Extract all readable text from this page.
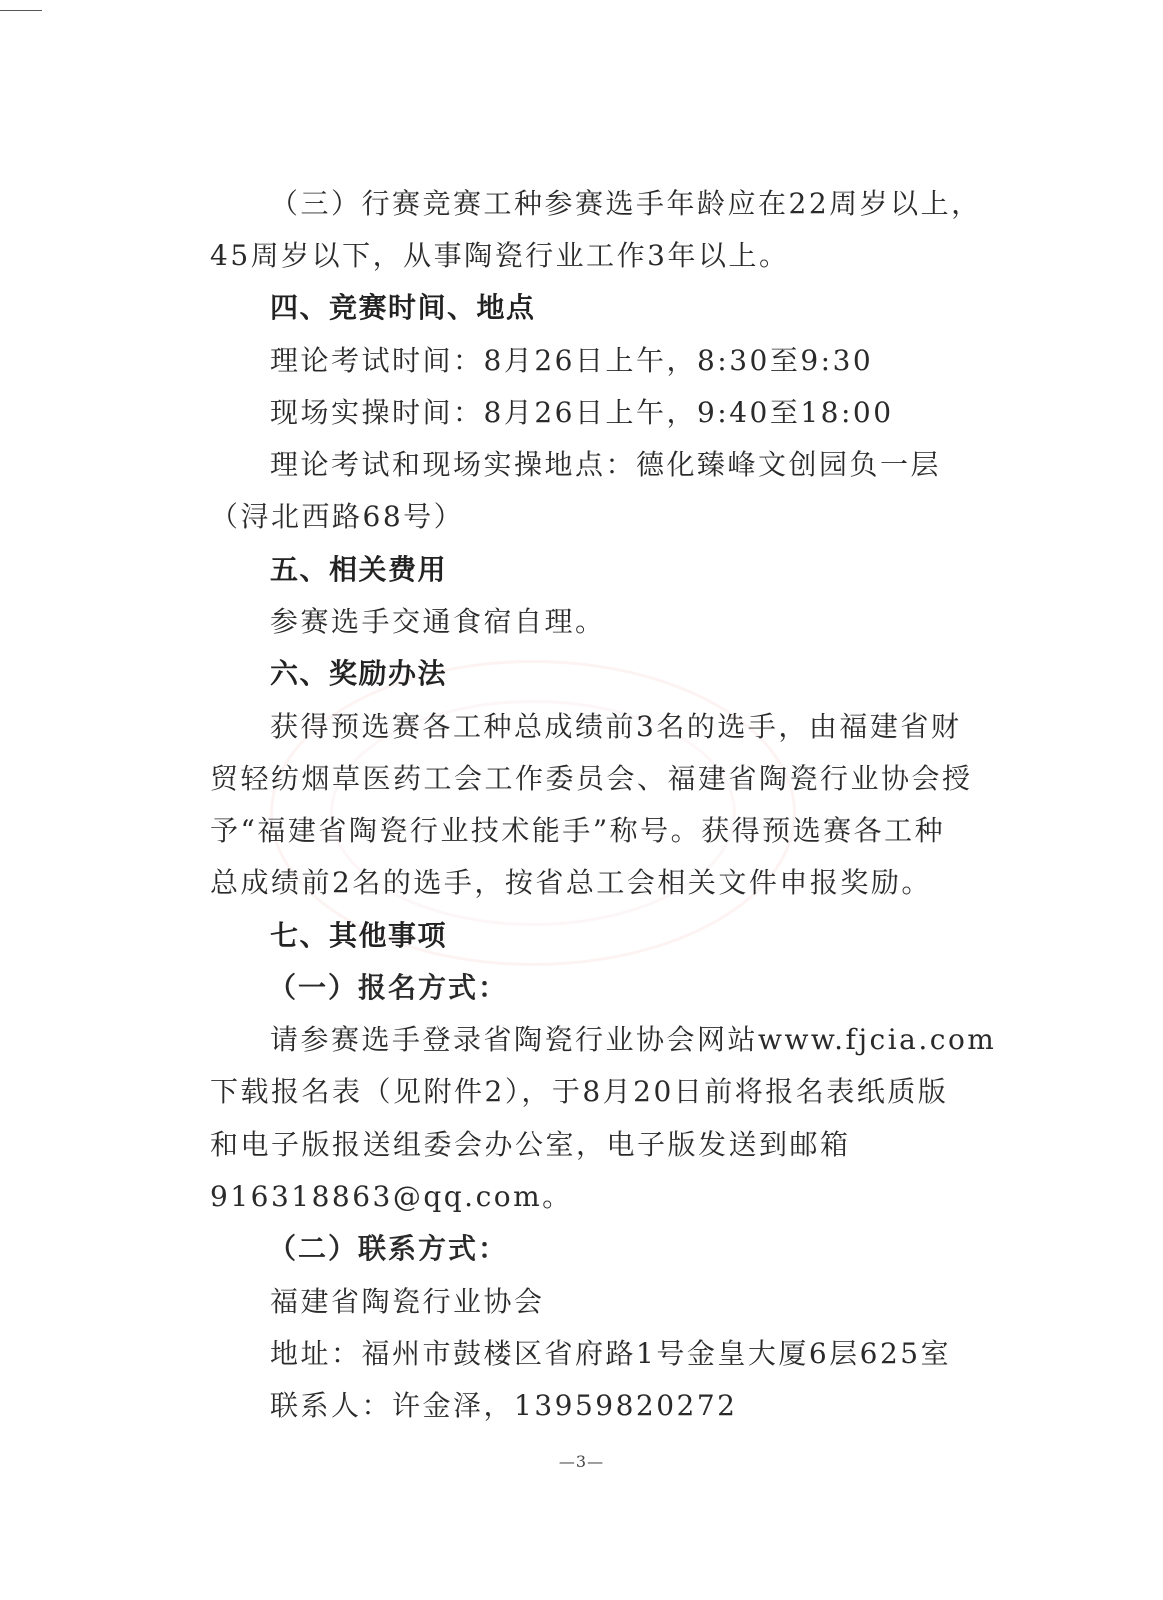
（三）行赛竞赛工种参赛选手年龄应在22周岁以上，
45周岁以下，从事陶瓷行业工作3年以上。
四、竞赛时间、地点
理论考试时间：8月26日上午，8:30至9:30
现场实操时间：8月26日上午，9:40至18:00
理论考试和现场实操地点：德化臻峰文创园负一层
（浔北西路68号）
五、相关费用
参赛选手交通食宿自理。
六、奖励办法
获得预选赛各工种总成绩前3名的选手，由福建省财
贸轻纺烟草医药工会工作委员会、福建省陶瓷行业协会授
予“福建省陶瓷行业技术能手”称号。获得预选赛各工种
总成绩前2名的选手，按省总工会相关文件申报奖励。
七、其他事项
（一）报名方式：
请参赛选手登录省陶瓷行业协会网站www.fjcia.com
下载报名表（见附件2），于8月20日前将报名表纸质版
和电子版报送组委会办公室，电子版发送到邮箱
916318863@qq.com。
（二）联系方式：
福建省陶瓷行业协会
地址：福州市鼓楼区省府路1号金皇大厦6层625室
联系人：许金泽，13959820272
—3—
